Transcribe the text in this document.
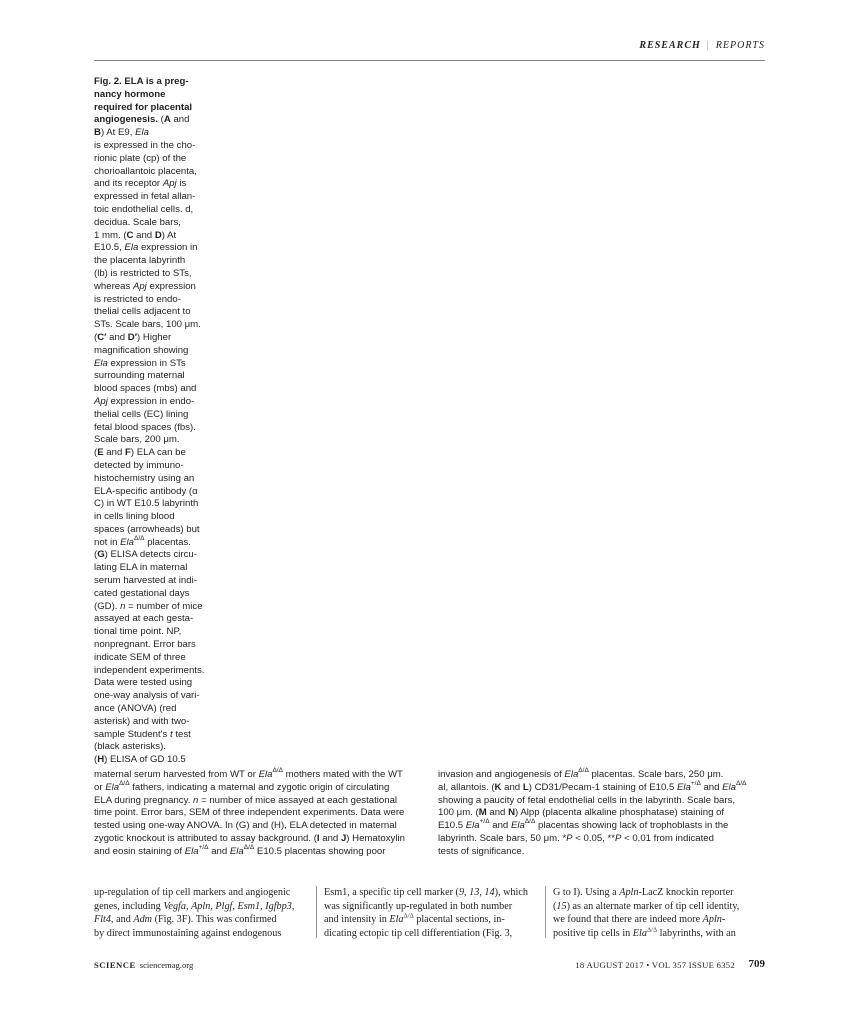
RESEARCH | REPORTS
Fig. 2. ELA is a preg-
nancy hormone
required for placental
angiogenesis. (A and
B) At E9, Ela
is expressed in the cho-
rionic plate (cp) of the
chorioallantoic placenta,
and its receptor Apj is
expressed in fetal allan-
toic endothelial cells. d,
decidua. Scale bars,
1 mm. (C and D) At
E10.5, Ela expression in
the placenta labyrinth
(lb) is restricted to STs,
whereas Apj expression
is restricted to endo-
thelial cells adjacent to
STs. Scale bars, 100 μm.
(C′ and D′) Higher
magnification showing
Ela expression in STs
surrounding maternal
blood spaces (mbs) and
Apj expression in endo-
thelial cells (EC) lining
fetal blood spaces (fbs).
Scale bars, 200 μm.
(E and F) ELA can be
detected by immuno-
histochemistry using an
ELA-specific antibody (α
C) in WT E10.5 labyrinth
in cells lining blood
spaces (arrowheads) but
not in Ela$^{\Delta/\Delta}$ placentas.
(G) ELISA detects circu-
lating ELA in maternal
serum harvested at indi-
cated gestational days
(GD). n = number of mice
assayed at each gesta-
tional time point. NP,
nonpregnant. Error bars
indicate SEM of three
independent experiments.
Data were tested using
one-way analysis of vari-
ance (ANOVA) (red
asterisk) and with two-
sample Student's t test
(black asterisks).
(H) ELISA of GD 10.5
maternal serum harvested from WT or Ela$^{\Delta/\Delta}$ mothers mated with the WT
or Ela$^{\Delta/\Delta}$ fathers, indicating a maternal and zygotic origin of circulating
ELA during pregnancy. n = number of mice assayed at each gestational
time point. Error bars, SEM of three independent experiments. Data were
tested using one-way ANOVA. In (G) and (H), ELA detected in maternal
zygotic knockout is attributed to assay background. (I and J) Hematoxylin
and eosin staining of Ela$^{+/\Delta}$ and Ela$^{\Delta/\Delta}$ E10.5 placentas showing poor
invasion and angiogenesis of Ela$^{\Delta/\Delta}$ placentas. Scale bars, 250 μm.
al, allantois. (K and L) CD31/Pecam-1 staining of E10.5 Ela$^{+/\Delta}$ and Ela$^{\Delta/\Delta}$
showing a paucity of fetal endothelial cells in the labyrinth. Scale bars,
100 μm. (M and N) Alpp (placenta alkaline phosphatase) staining of
E10.5 Ela$^{+/\Delta}$ and Ela$^{\Delta/\Delta}$ placentas showing lack of trophoblasts in the
labyrinth. Scale bars, 50 μm. *P < 0.05, **P < 0.01 from indicated
tests of significance.
up-regulation of tip cell markers and angiogenic
genes, including Vegfa, Apln, Plgf, Esm1, Igfbp3,
Flt4, and Adm (Fig. 3F). This was confirmed
by direct immunostaining against endogenous
Esm1, a specific tip cell marker (9, 13, 14), which
was significantly up-regulated in both number
and intensity in Ela$^{\Delta/\Delta}$ placental sections, in-
dicating ectopic tip cell differentiation (Fig. 3,
G to I). Using a Apln-LacZ knockin reporter
(15) as an alternate marker of tip cell identity,
we found that there are indeed more Apln-
positive tip cells in Ela$^{\Delta/\Delta}$ labyrinths, with an
SCIENCE sciencemag.org	18 AUGUST 2017 • VOL 357 ISSUE 6352 709
